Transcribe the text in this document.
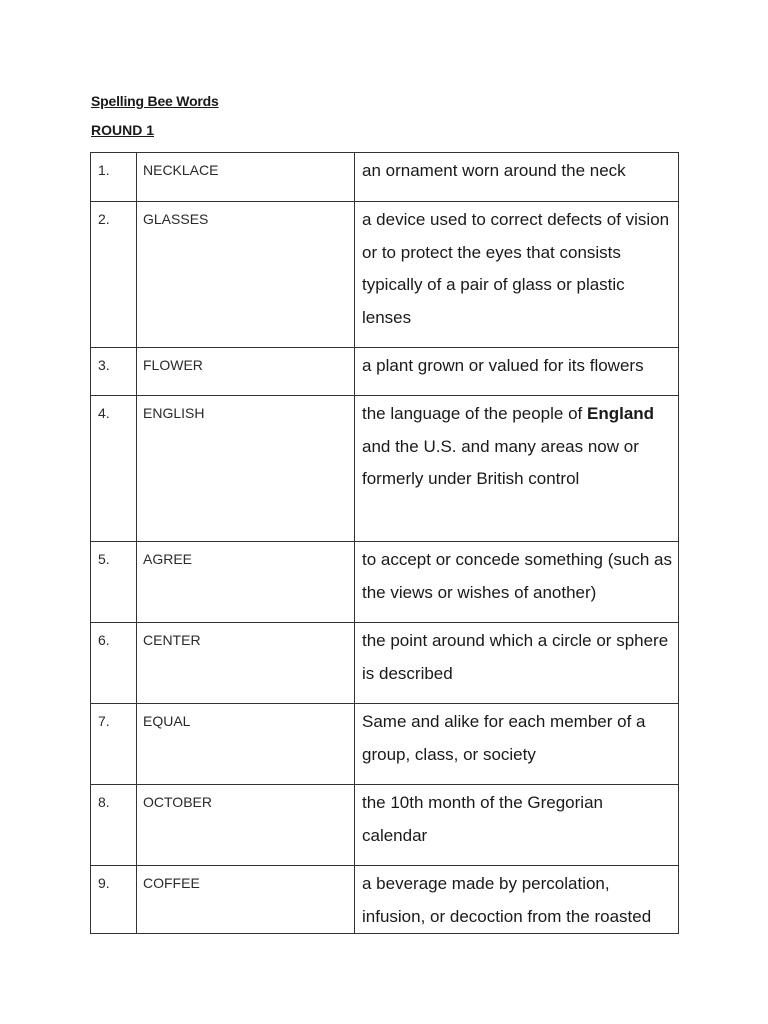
Spelling Bee Words
ROUND 1
1.	NECKLACE	an ornament worn around the neck
2.	GLASSES	a device used to correct defects of vision or to protect the eyes that consists typically of a pair of glass or plastic lenses
3.	FLOWER	a plant grown or valued for its flowers
4.	ENGLISH	the language of the people of England and the U.S. and many areas now or formerly under British control
5.	AGREE	to accept or concede something (such as the views or wishes of another)
6.	CENTER	the point around which a circle or sphere is described
7.	EQUAL	Same and alike for each member of a group, class, or society
8.	OCTOBER	the 10th month of the Gregorian calendar
9.	COFFEE	a beverage made by percolation, infusion, or decoction from the roasted
